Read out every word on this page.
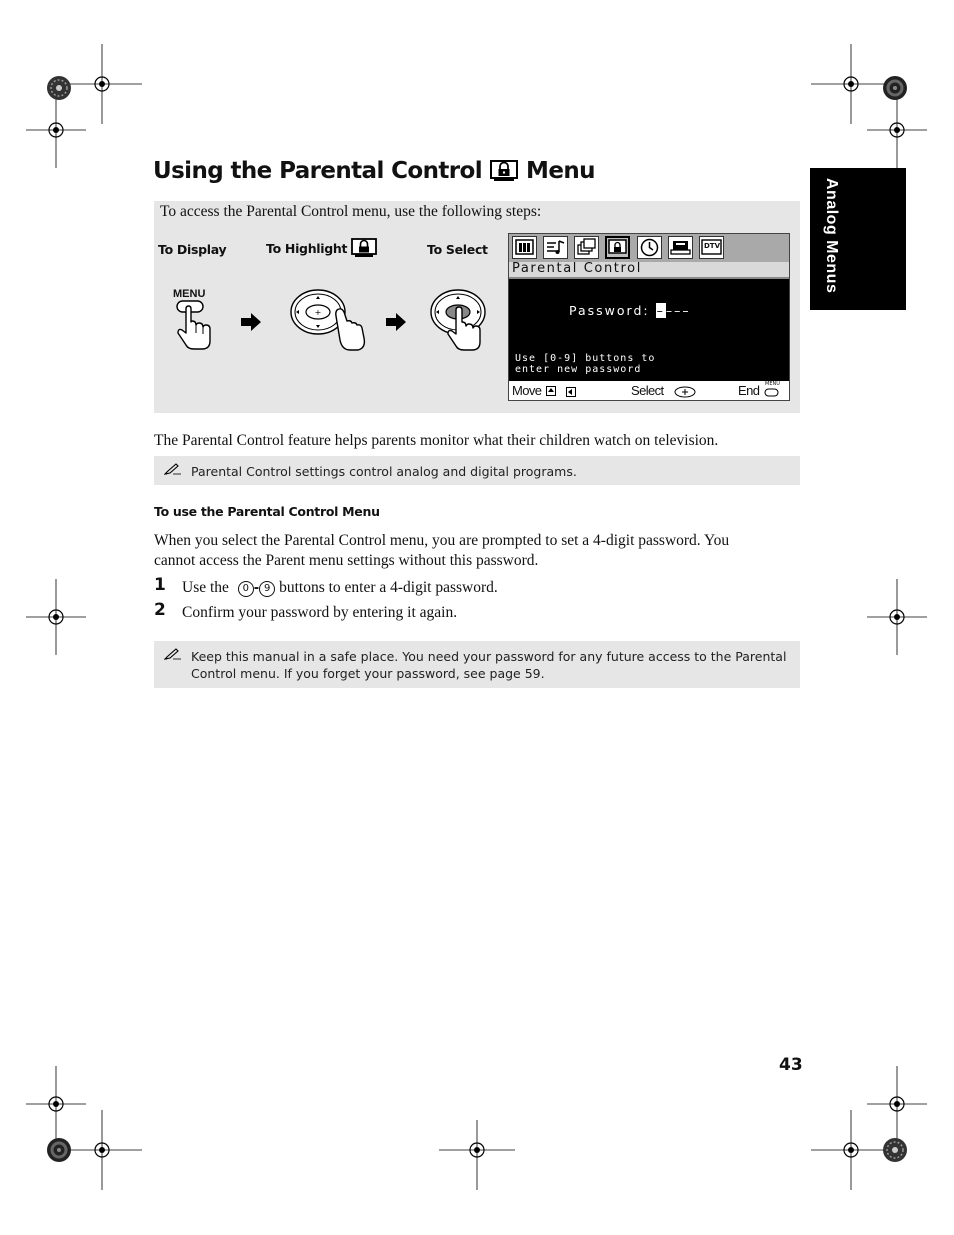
Using the Parental Control Menu
Analog Menus
To access the Parental Control menu, use the following steps:
To Display	To Highlight	To Select
MENU
+
DTV
Parental Control
Password: ––––
Use [0-9] buttons to
enter new password
Move	Select	End MENU
The Parental Control feature helps parents monitor what their children watch on television.
Parental Control settings control analog and digital programs.
To use the Parental Control Menu
When you select the Parental Control menu, you are prompted to set a 4-digit password. You
cannot access the Parent menu settings without this password.
1 Use the 0 - 9 buttons to enter a 4-digit password.
2 Confirm your password by entering it again.
Keep this manual in a safe place. You need your password for any future access to the Parental
Control menu. If you forget your password, see page 59.
43
